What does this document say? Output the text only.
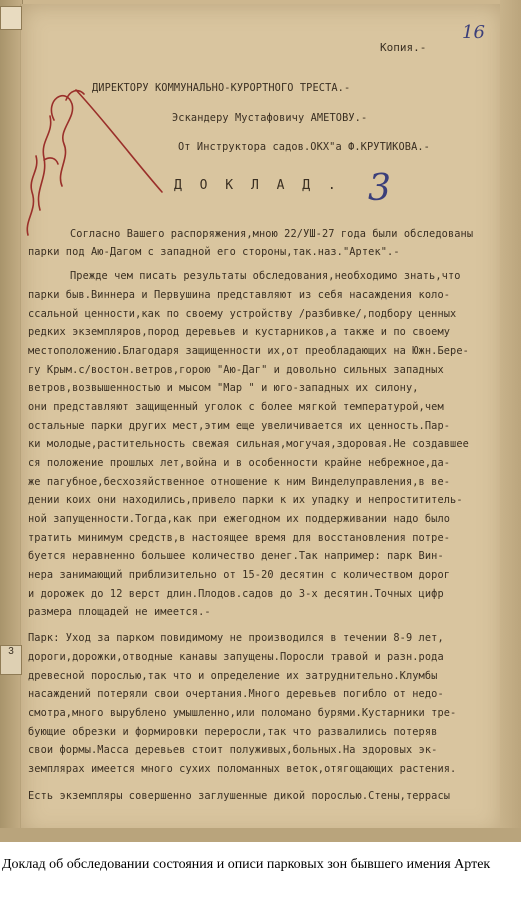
3
16
Копия.-
ДИРЕКТОРУ КОММУНАЛЬНО-КУРОРТНОГО ТРЕСТА.-
Эскандеру Мустафовичу АМЕТОВУ.-
От Инструктора садов.ОКХ"а Ф.КРУТИКОВА.-
Д О К Л А Д . 3
Согласно Вашего распоряжения,мною 22/УШ-27 года были обследованы
парки под Аю-Дагом с западной его стороны,так.наз."Артек".-
Прежде чем писать результаты обследования,необходимо знать,что
парки быв.Виннера и Первушина представляют из себя насаждения коло-
ссальной ценности,как по своему устройству /разбивке/,подбору ценных
редких экземпляров,пород деревьев и кустарников,а также и по своему
местоположению.Благодаря защищенности их,от преобладающих на Южн.Бере-
гу Крым.с/востон.ветров,горою "Аю-Даг" и довольно сильных западных
ветров,возвышенностью и мысом "Мар " и юго-западных их силону,
они представляют защищенный уголок с более мягкой температурой,чем
остальные парки других мест,этим еще увеличивается их ценность.Пар-
ки молодые,растительность свежая сильная,могучая,здоровая.Не создавшее
ся положение прошлых лет,война и в особенности крайне небрежное,да-
же пагубное,бесхозяйственное отношение к ним Винделуправления,в ве-
дении коих они находились,привело парки к их упадку и непростититель-
ной запущенности.Тогда,как при ежегодном их поддерживании надо было
тратить минимум средств,в настоящее время для восстановления потре-
буется неравненно большее количество денег.Так например: парк Вин-
нера занимающий приблизительно от 15-20 десятин с количеством дорог
и дорожек до 12 верст длин.Плодов.садов до 3-х десятин.Точных цифр
размера площадей не имеется.-
Парк: Уход за парком повидимому не производился в течении 8-9 лет,
дороги,дорожки,отводные канавы запущены.Поросли травой и разн.рода
древесной порослью,так что и определение их затруднительно.Клумбы
насаждений потеряли свои очертания.Много деревьев погибло от недо-
смотра,много вырублено умышленно,или поломано бурями.Кустарники тре-
бующие обрезки и формировки переросли,так что развалились потеряв
свои формы.Масса деревьев стоит полуживых,больных.На здоровых эк-
земплярах имеется много сухих поломанных веток,отягощающих растения.
Есть экземпляры совершенно заглушенные дикой порослью.Стены,террасы
Доклад об обследовании состояния и описи парковых зон бывшего имения Артек
